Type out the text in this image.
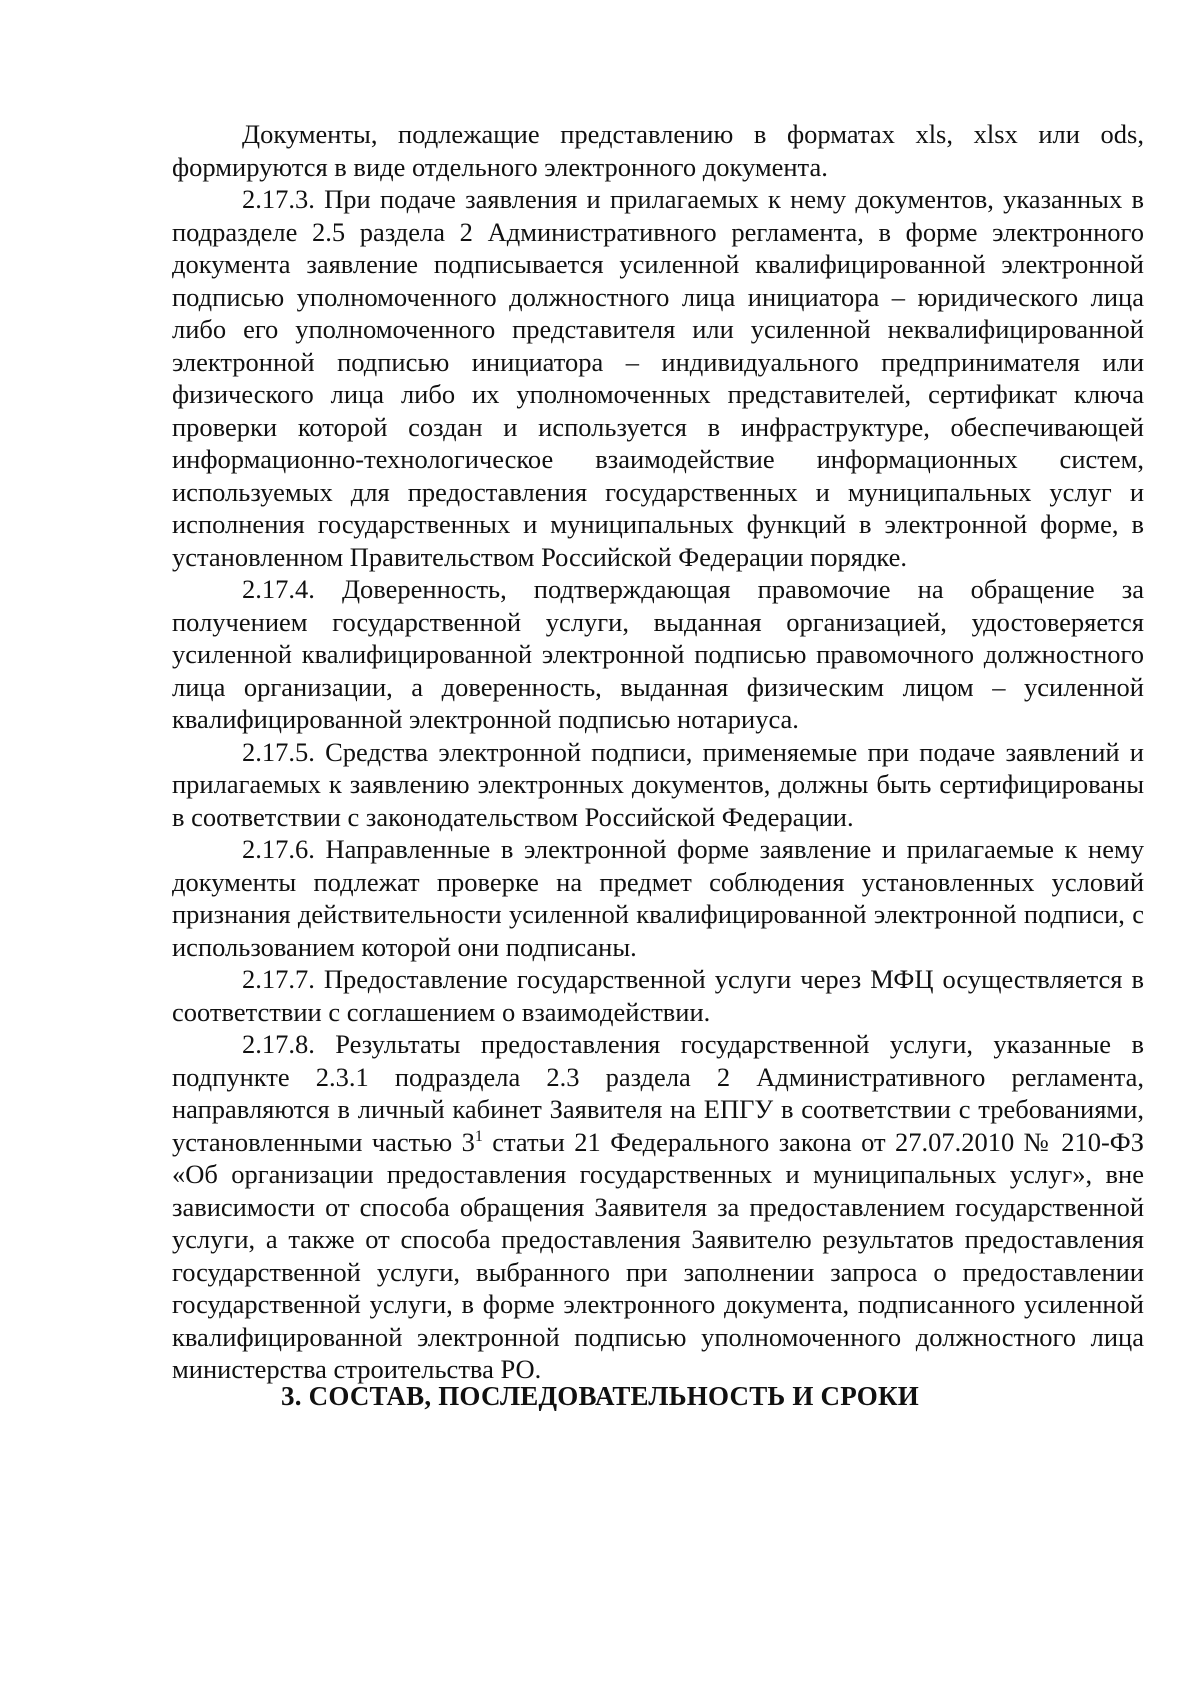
Документы, подлежащие представлению в форматах xls, xlsx или ods, формируются в виде отдельного электронного документа.

2.17.3. При подаче заявления и прилагаемых к нему документов, указанных в подразделе 2.5 раздела 2 Административного регламента, в форме электронного документа заявление подписывается усиленной квалифицированной электронной подписью уполномоченного должностного лица инициатора – юридического лица либо его уполномоченного представителя или усиленной неквалифицированной электронной подписью инициатора – индивидуального предпринимателя или физического лица либо их уполномоченных представителей, сертификат ключа проверки которой создан и используется в инфраструктуре, обеспечивающей информационно-технологическое взаимодействие информационных систем, используемых для предоставления государственных и муниципальных услуг и исполнения государственных и муниципальных функций в электронной форме, в установленном Правительством Российской Федерации порядке.

2.17.4. Доверенность, подтверждающая правомочие на обращение за получением государственной услуги, выданная организацией, удостоверяется усиленной квалифицированной электронной подписью правомочного должностного лица организации, а доверенность, выданная физическим лицом – усиленной квалифицированной электронной подписью нотариуса.

2.17.5. Средства электронной подписи, применяемые при подаче заявлений и прилагаемых к заявлению электронных документов, должны быть сертифицированы в соответствии с законодательством Российской Федерации.

2.17.6. Направленные в электронной форме заявление и прилагаемые к нему документы подлежат проверке на предмет соблюдения установленных условий признания действительности усиленной квалифицированной электронной подписи, с использованием которой они подписаны.

2.17.7. Предоставление государственной услуги через МФЦ осуществляется в соответствии с соглашением о взаимодействии.

2.17.8. Результаты предоставления государственной услуги, указанные в подпункте 2.3.1 подраздела 2.3 раздела 2 Административного регламента, направляются в личный кабинет Заявителя на ЕПГУ в соответствии с требованиями, установленными частью $3^1$ статьи 21 Федерального закона от 27.07.2010 № 210-ФЗ «Об организации предоставления государственных и муниципальных услуг», вне зависимости от способа обращения Заявителя за предоставлением государственной услуги, а также от способа предоставления Заявителю результатов предоставления государственной услуги, выбранного при заполнении запроса о предоставлении государственной услуги, в форме электронного документа, подписанного усиленной квалифицированной электронной подписью уполномоченного должностного лица министерства строительства РО.

3. СОСТАВ, ПОСЛЕДОВАТЕЛЬНОСТЬ И СРОКИ
